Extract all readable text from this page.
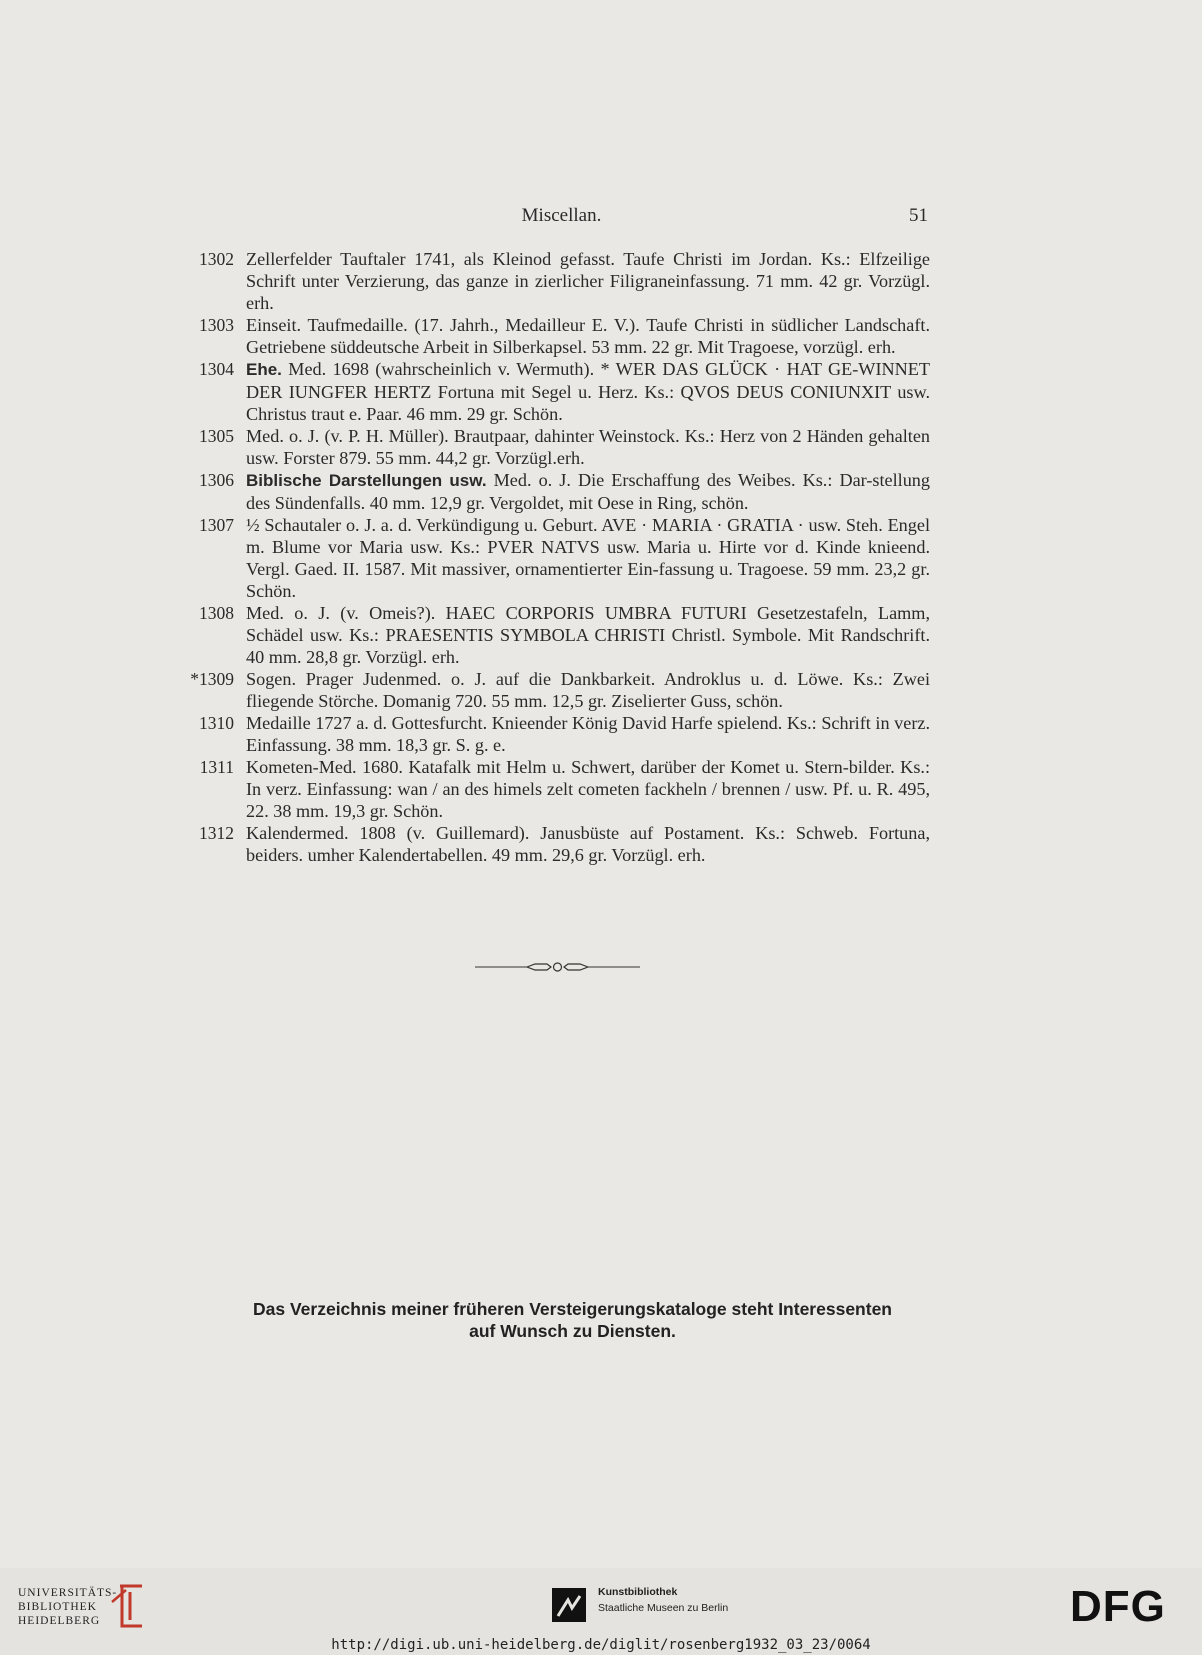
Miscellan.	51
1302 Zellerfelder Tauftaler 1741, als Kleinod gefasst. Taufe Christi im Jordan. Ks.: Elfzeilige Schrift unter Verzierung, das ganze in zierlicher Filigraneinfassung. 71 mm. 42 gr. Vorzügl. erh.
1303 Einseit. Taufmedaille. (17. Jahrh., Medailleur E. V.). Taufe Christi in südlicher Landschaft. Getriebene süddeutsche Arbeit in Silberkapsel. 53 mm. 22 gr. Mit Tragoese, vorzügl. erh.
1304 Ehe. Med. 1698 (wahrscheinlich v. Wermuth). * WER DAS GLÜCK · HAT GE-WINNET DER IUNGFER HERTZ Fortuna mit Segel u. Herz. Ks.: QVOS DEUS CONIUNXIT usw. Christus traut e. Paar. 46 mm. 29 gr. Schön.
1305 Med. o. J. (v. P. H. Müller). Brautpaar, dahinter Weinstock. Ks.: Herz von 2 Händen gehalten usw. Forster 879. 55 mm. 44,2 gr. Vorzügl.erh.
1306 Biblische Darstellungen usw. Med. o. J. Die Erschaffung des Weibes. Ks.: Dar-stellung des Sündenfalls. 40 mm. 12,9 gr. Vergoldet, mit Oese in Ring, schön.
1307 ½ Schautaler o. J. a. d. Verkündigung u. Geburt. AVE · MARIA · GRATIA · usw. Steh. Engel m. Blume vor Maria usw. Ks.: PVER NATVS usw. Maria u. Hirte vor d. Kinde knieend. Vergl. Gaed. II. 1587. Mit massiver, ornamentierter Ein-fassung u. Tragoese. 59 mm. 23,2 gr. Schön.
1308 Med. o. J. (v. Omeis?). HAEC CORPORIS UMBRA FUTURI Gesetzestafeln, Lamm, Schädel usw. Ks.: PRAESENTIS SYMBOLA CHRISTI Christl. Symbole. Mit Randschrift. 40 mm. 28,8 gr. Vorzügl. erh.
*1309 Sogen. Prager Judenmed. o. J. auf die Dankbarkeit. Androklus u. d. Löwe. Ks.: Zwei fliegende Störche. Domanig 720. 55 mm. 12,5 gr. Ziselierter Guss, schön.
1310 Medaille 1727 a. d. Gottesfurcht. Knieender König David Harfe spielend. Ks.: Schrift in verz. Einfassung. 38 mm. 18,3 gr. S. g. e.
1311 Kometen-Med. 1680. Katafalk mit Helm u. Schwert, darüber der Komet u. Stern-bilder. Ks.: In verz. Einfassung: wan / an des himels zelt cometen fackheln / brennen / usw. Pf. u. R. 495, 22. 38 mm. 19,3 gr. Schön.
1312 Kalendermed. 1808 (v. Guillemard). Janusbüste auf Postament. Ks.: Schweb. Fortuna, beiders. umher Kalendertabellen. 49 mm. 29,6 gr. Vorzügl. erh.
Das Verzeichnis meiner früheren Versteigerungskataloge steht Interessenten
auf Wunsch zu Diensten.
UNIVERSITÄTS-
BIBLIOTHEK
HEIDELBERG
Kunstbibliothek
Staatliche Museen zu Berlin	DFG
http://digi.ub.uni-heidelberg.de/diglit/rosenberg1932_03_23/0064
